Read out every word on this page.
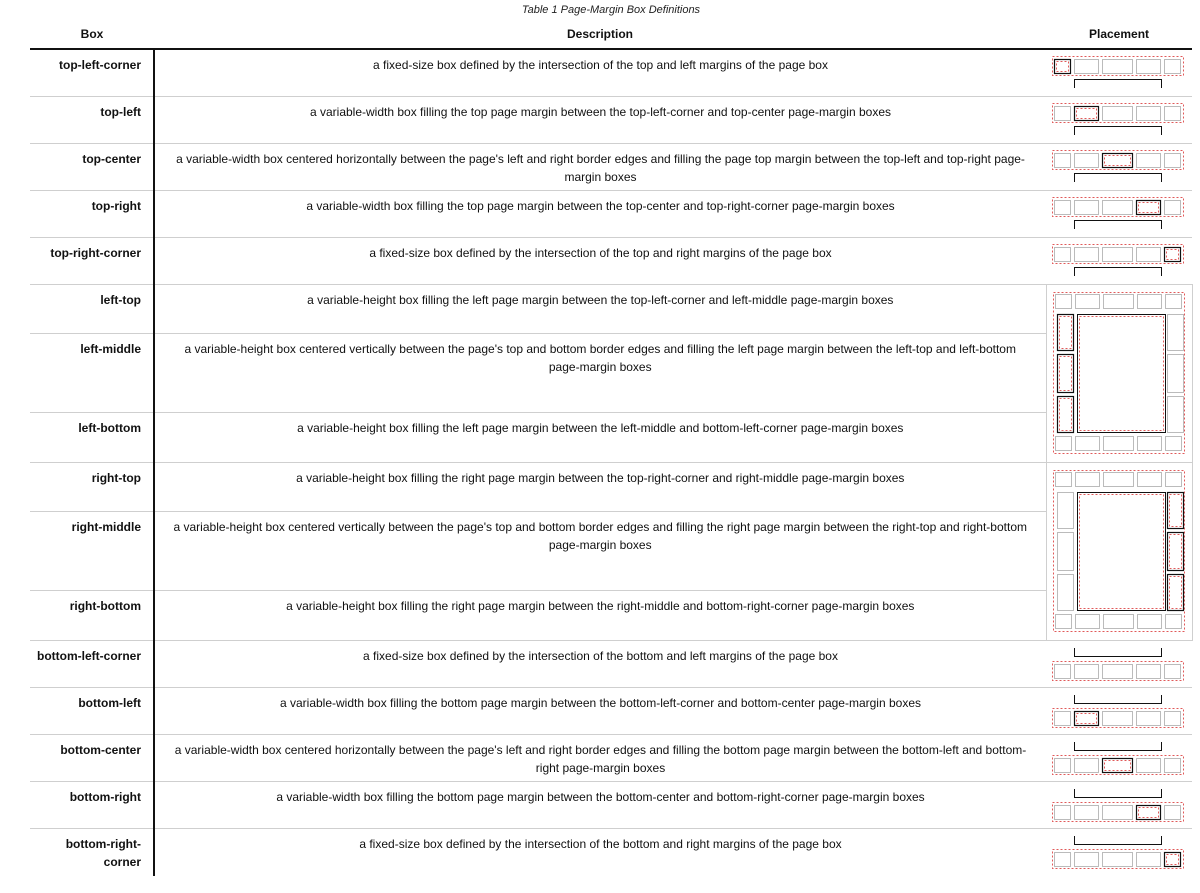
Table 1 Page-Margin Box Definitions
Box	Description	Placement
top-left-corner	a fixed-size box defined by the intersection of the top and left margins of the page box	

top-left	a variable-width box filling the top page margin between the top-left-corner and top-center page-margin boxes	

top-center	a variable-width box centered horizontally between the page's left and right border edges and filling the page top margin between the top-left and top-right page-margin boxes	

top-right	a variable-width box filling the top page margin between the top-center and top-right-corner page-margin boxes	

top-right-corner	a fixed-size box defined by the intersection of the top and right margins of the page box	

left-top	a variable-height box filling the left page margin between the top-left-corner and left-middle page-margin boxes	

left-middle	a variable-height box centered vertically between the page's top and bottom border edges and filling the left page margin between the left-top and left-bottom page-margin boxes	
left-bottom	a variable-height box filling the left page margin between the left-middle and bottom-left-corner page-margin boxes	
right-top	a variable-height box filling the right page margin between the top-right-corner and right-middle page-margin boxes	

right-middle	a variable-height box centered vertically between the page's top and bottom border edges and filling the right page margin between the right-top and right-bottom page-margin boxes	
right-bottom	a variable-height box filling the right page margin between the right-middle and bottom-right-corner page-margin boxes	
bottom-left-corner	a fixed-size box defined by the intersection of the bottom and left margins of the page box	

bottom-left	a variable-width box filling the bottom page margin between the bottom-left-corner and bottom-center page-margin boxes	

bottom-center	a variable-width box centered horizontally between the page's left and right border edges and filling the bottom page margin between the bottom-left and bottom-right page-margin boxes	

bottom-right	a variable-width box filling the bottom page margin between the bottom-center and bottom-right-corner page-margin boxes	

bottom-right-corner	a fixed-size box defined by the intersection of the bottom and right margins of the page box	
